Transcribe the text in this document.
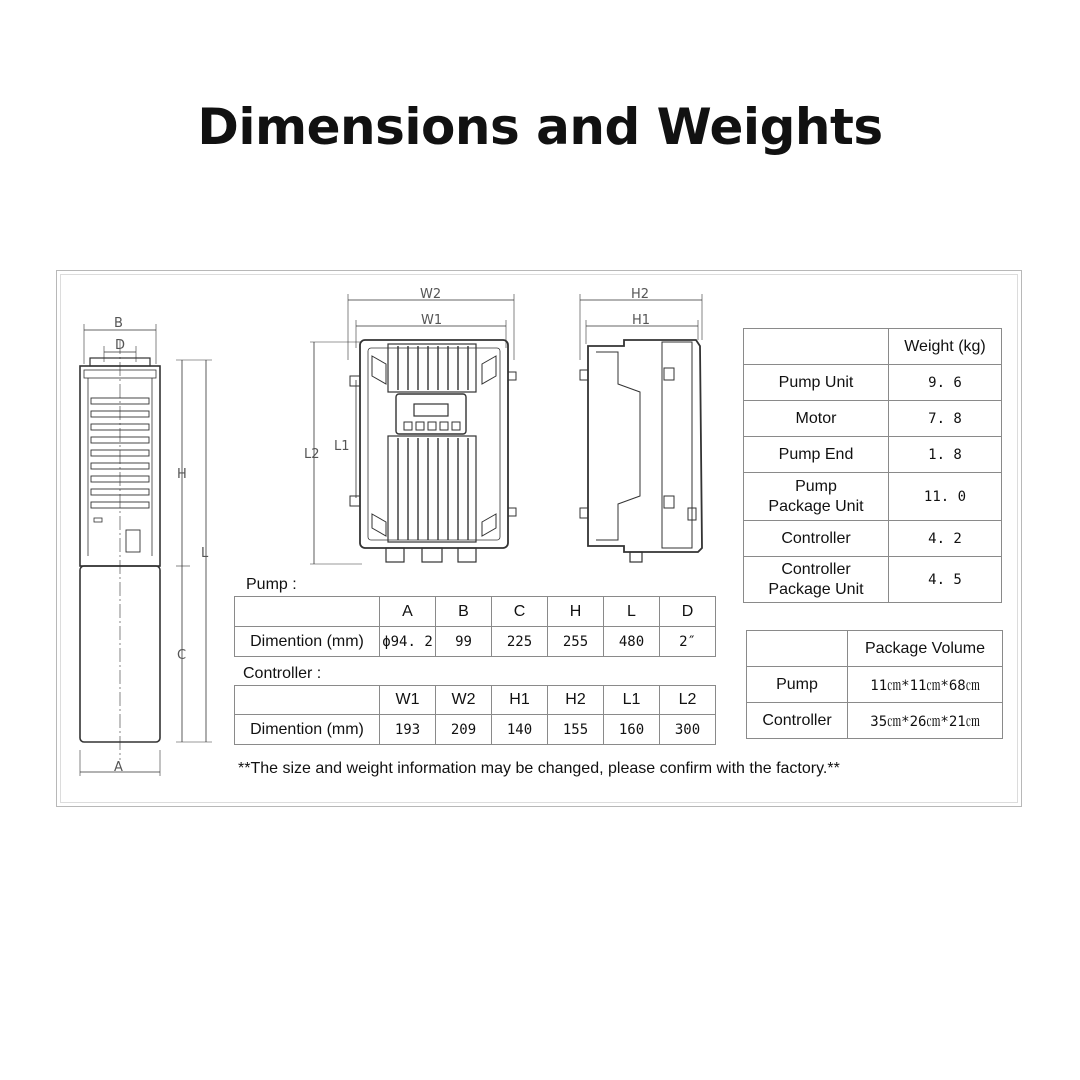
Dimensions and Weights
B
D
H
C
L
A
W2
W1
L2
L1
H2
H1
Pump :
	A	B	C	H	L	D
Dimention (mm)	ϕ94. 2	99	225	255	480	2″
Controller :
	W1	W2	H1	H2	L1	L2
Dimention (mm)	193	209	140	155	160	300
	Weight (kg)
Pump Unit	9. 6
Motor	7. 8
Pump End	1. 8
Pump
Package Unit	11. 0
Controller	4. 2
Controller
Package Unit	4. 5
	Package Volume
Pump	11㎝*11㎝*68㎝
Controller	35㎝*26㎝*21㎝
**The size and weight information may be changed, please confirm with the factory.**
